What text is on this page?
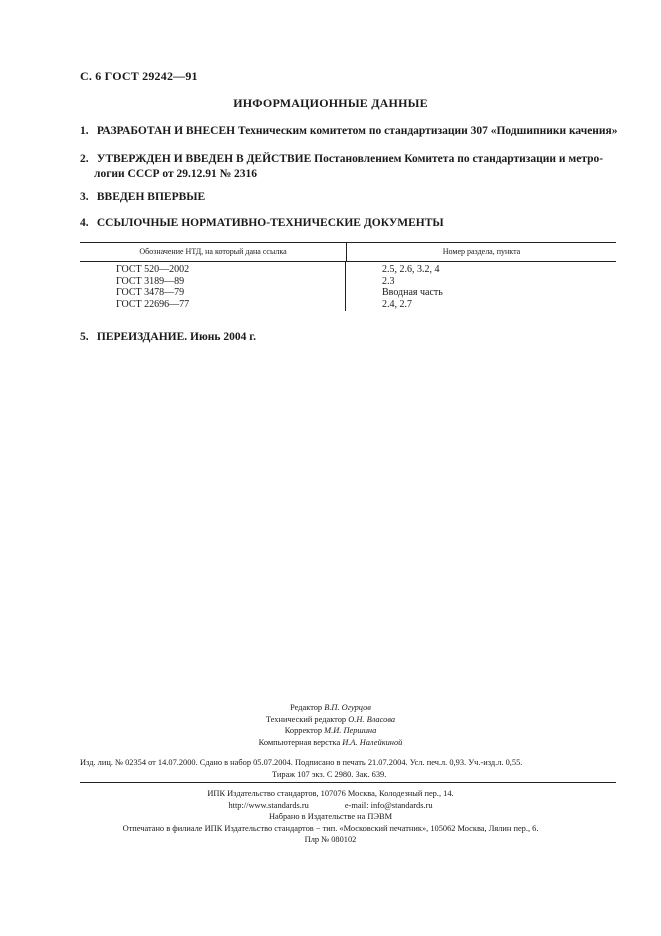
С. 6 ГОСТ 29242—91
ИНФОРМАЦИОННЫЕ ДАННЫЕ
1. РАЗРАБОТАН И ВНЕСЕН Техническим комитетом по стандартизации 307 «Подшипники качения»
2. УТВЕРЖДЕН И ВВЕДЕН В ДЕЙСТВИЕ Постановлением Комитета по стандартизации и метро-
логии СССР от 29.12.91 № 2316
3. ВВЕДЕН ВПЕРВЫЕ
4. ССЫЛОЧНЫЕ НОРМАТИВНО-ТЕХНИЧЕСКИЕ ДОКУМЕНТЫ
Обозначение НТД, на который дана ссылка	Номер раздела, пункта
ГОСТ 520—2002
ГОСТ 3189—89
ГОСТ 3478—79
ГОСТ 22696—77
2.5, 2.6, 3.2, 4
2.3
Вводная часть
2.4, 2.7
5. ПЕРЕИЗДАНИЕ. Июнь 2004 г.
Редактор В.П. Огурцов
Технический редактор О.Н. Власова
Корректор М.И. Першина
Компьютерная верстка И.А. Налейкиной
Изд. лиц. № 02354 от 14.07.2000. Сдано в набор 05.07.2004. Подписано в печать 21.07.2004. Усл. печ.л. 0,93. Уч.-изд.л. 0,55.
Тираж 107 экз. С 2980. Зак. 639.
ИПК Издательство стандартов, 107076 Москва, Колодезный пер., 14.
http://www.standards.ru	e-mail: info@standards.ru
Набрано в Издательстве на ПЭВМ
Отпечатано в филиале ИПК Издательство стандартов − тип. «Московский печатник», 105062 Москва, Лялин пер., 6.
Плр № 080102
